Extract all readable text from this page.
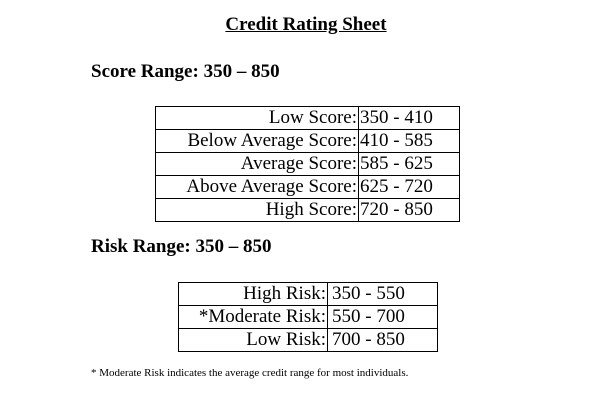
Credit Rating Sheet
Score Range: 350 – 850
Low Score:	350 - 410
Below Average Score:	410 - 585
Average Score:	585 - 625
Above Average Score:	625 - 720
High Score:	720 - 850
Risk Range: 350 – 850
High Risk:	350 - 550
*Moderate Risk:	550 - 700
Low Risk:	700 - 850
* Moderate Risk indicates the average credit range for most individuals.
